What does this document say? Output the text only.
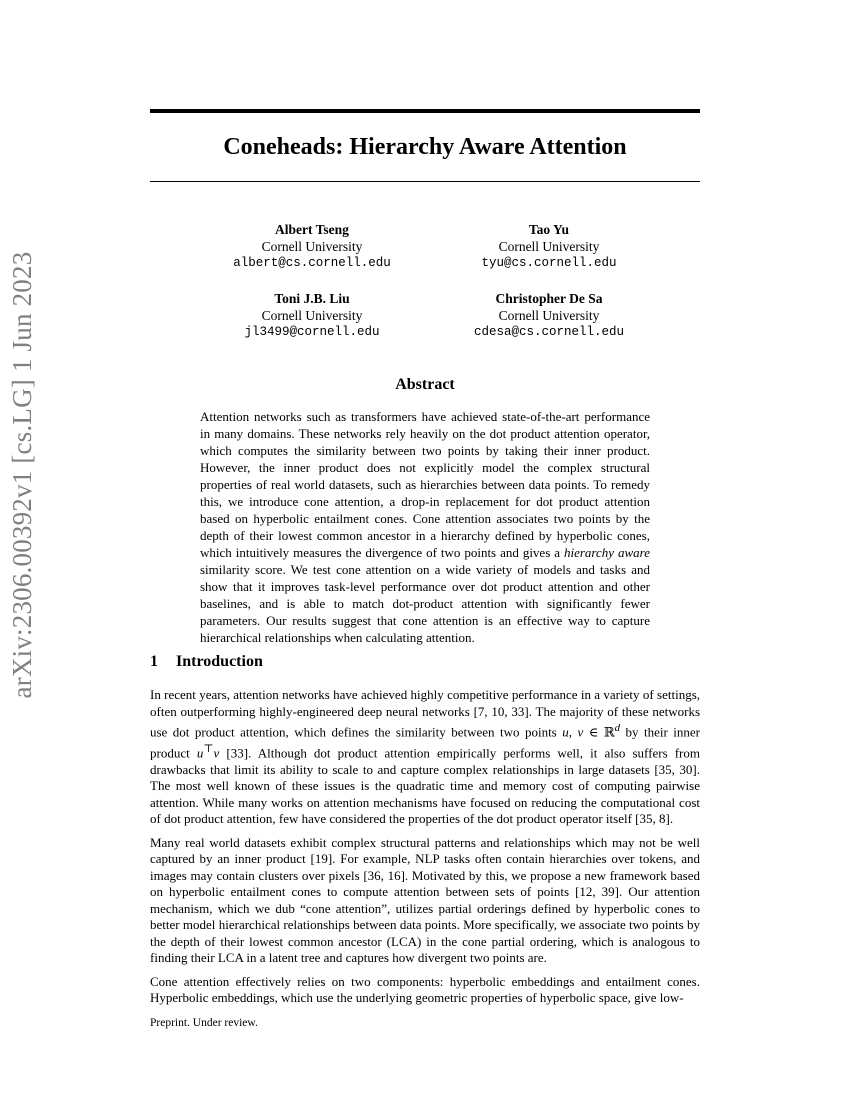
arXiv:2306.00392v1 [cs.LG] 1 Jun 2023
Coneheads: Hierarchy Aware Attention
Albert Tseng
Cornell University
albert@cs.cornell.edu
Tao Yu
Cornell University
tyu@cs.cornell.edu
Toni J.B. Liu
Cornell University
jl3499@cornell.edu
Christopher De Sa
Cornell University
cdesa@cs.cornell.edu
Abstract
Attention networks such as transformers have achieved state-of-the-art performance in many domains. These networks rely heavily on the dot product attention operator, which computes the similarity between two points by taking their inner product. However, the inner product does not explicitly model the complex structural properties of real world datasets, such as hierarchies between data points. To remedy this, we introduce cone attention, a drop-in replacement for dot product attention based on hyperbolic entailment cones. Cone attention associates two points by the depth of their lowest common ancestor in a hierarchy defined by hyperbolic cones, which intuitively measures the divergence of two points and gives a hierarchy aware similarity score. We test cone attention on a wide variety of models and tasks and show that it improves task-level performance over dot product attention and other baselines, and is able to match dot-product attention with significantly fewer parameters. Our results suggest that cone attention is an effective way to capture hierarchical relationships when calculating attention.
1 Introduction

In recent years, attention networks have achieved highly competitive performance in a variety of settings, often outperforming highly-engineered deep neural networks [7, 10, 33]. The majority of these networks use dot product attention, which defines the similarity between two points u, v ∈ ℝ$^d$ by their inner product u⊤v [33]. Although dot product attention empirically performs well, it also suffers from drawbacks that limit its ability to scale to and capture complex relationships in large datasets [35, 30]. The most well known of these issues is the quadratic time and memory cost of computing pairwise attention. While many works on attention mechanisms have focused on reducing the computational cost of dot product attention, few have considered the properties of the dot product operator itself [35, 8].

Many real world datasets exhibit complex structural patterns and relationships which may not be well captured by an inner product [19]. For example, NLP tasks often contain hierarchies over tokens, and images may contain clusters over pixels [36, 16]. Motivated by this, we propose a new framework based on hyperbolic entailment cones to compute attention between sets of points [12, 39]. Our attention mechanism, which we dub “cone attention”, utilizes partial orderings defined by hyperbolic cones to better model hierarchical relationships between data points. More specifically, we associate two points by the depth of their lowest common ancestor (LCA) in the cone partial ordering, which is analogous to finding their LCA in a latent tree and captures how divergent two points are.

Cone attention effectively relies on two components: hyperbolic embeddings and entailment cones. Hyperbolic embeddings, which use the underlying geometric properties of hyperbolic space, give low-

Preprint. Under review.
